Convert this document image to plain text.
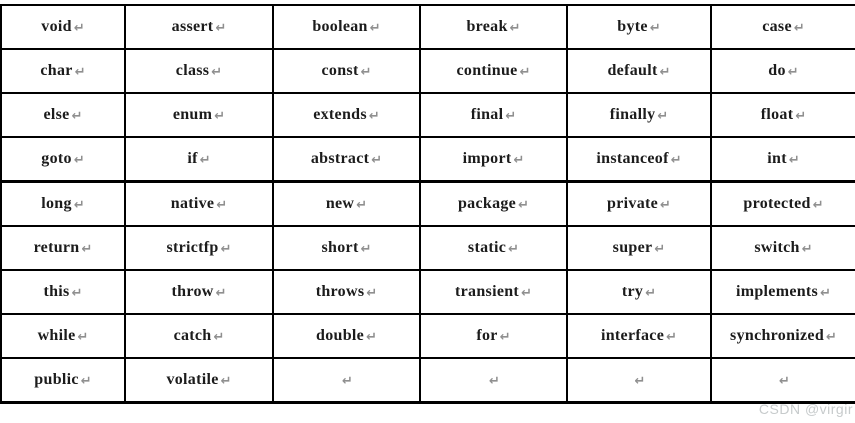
void ↵	assert ↵	boolean ↵	break ↵	byte ↵	case ↵
char ↵	class ↵	const ↵	continue ↵	default ↵	do ↵
else ↵	enum ↵	extends ↵	final ↵	finally ↵	float ↵
goto ↵	if ↵	abstract ↵	import ↵	instanceof ↵	int ↵
long ↵	native ↵	new ↵	package ↵	private ↵	protected ↵
return ↵	strictfp ↵	short ↵	static ↵	super ↵	switch ↵
this ↵	throw ↵	throws ↵	transient ↵	try ↵	implements ↵
while ↵	catch ↵	double ↵	for ↵	interface ↵	synchronized ↵
public ↵	volatile ↵	↵	↵	↵	↵
CSDN @virgir
